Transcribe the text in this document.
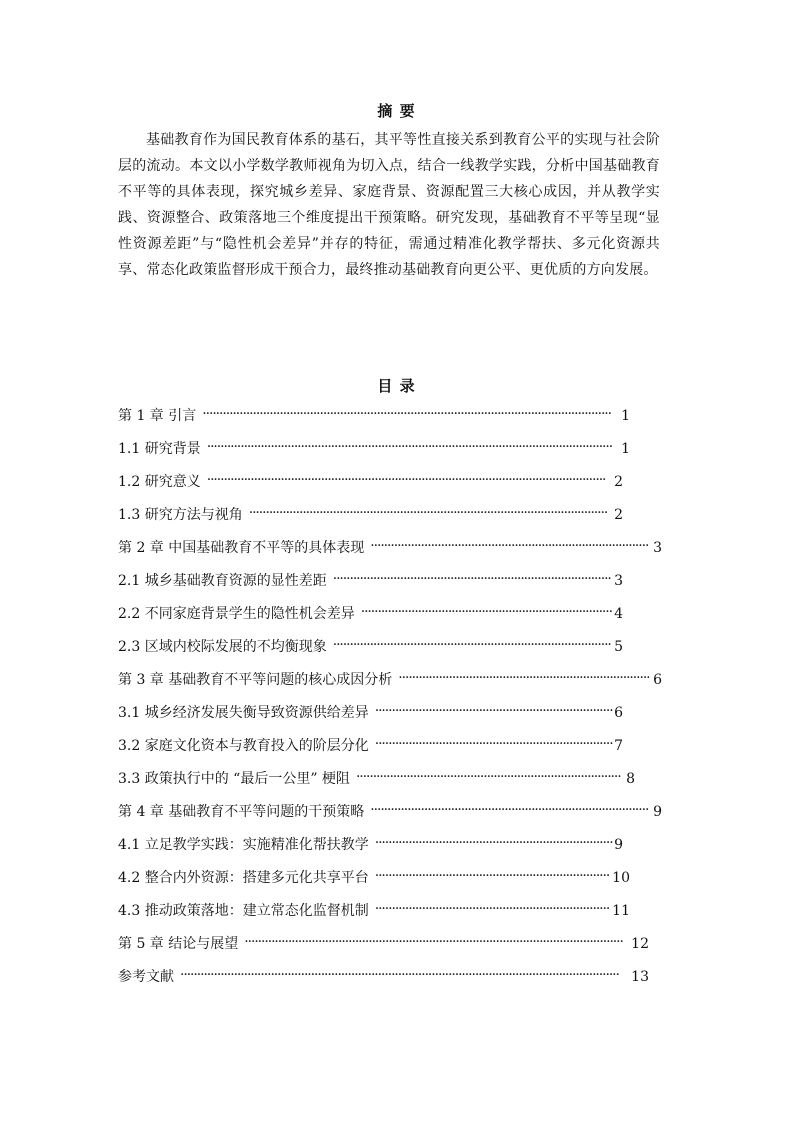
摘 要

基础教育作为国民教育体系的基石，其平等性直接关系到教育公平的实现与社会阶层的流动。本文以小学数学教师视角为切入点，结合一线教学实践，分析中国基础教育不平等的具体表现，探究城乡差异、家庭背景、资源配置三大核心成因，并从教学实践、资源整合、政策落地三个维度提出干预策略。研究发现，基础教育不平等呈现“显性资源差距”与“隐性机会差异”并存的特征，需通过精准化教学帮扶、多元化资源共享、常态化政策监督形成干预合力，最终推动基础教育向更公平、更优质的方向发展。

目 录
第 1 章 引言 ·························································································································· 1
1.1 研究背景 ························································································································· 1
1.2 研究意义 ······················································································································· 2
1.3 研究方法与视角 ··········································································································· 2
第 2 章 中国基础教育不平等的具体表现 ··················································································· 3
2.1 城乡基础教育资源的显性差距 ··················································································· 3
2.2 不同家庭背景学生的隐性机会差异 ··········································································· 4
2.3 区域内校际发展的不均衡现象 ··················································································· 5
第 3 章 基础教育不平等问题的核心成因分析 ··········································································· 6
3.1 城乡经济发展失衡导致资源供给差异 ······································································· 6
3.2 家庭文化资本与教育投入的阶层分化 ······································································· 7
3.3 政策执行中的 “最后一公里” 梗阻 ··············································································· 8
第 4 章 基础教育不平等问题的干预策略 ··················································································· 9
4.1 立足教学实践：实施精准化帮扶教学 ······································································· 9
4.2 整合内外资源：搭建多元化共享平台 ······································································ 10
4.3 推动政策落地：建立常态化监督机制 ······································································ 11
第 5 章 结论与展望 ················································································································· 12
参考文献 ··································································································································· 13
